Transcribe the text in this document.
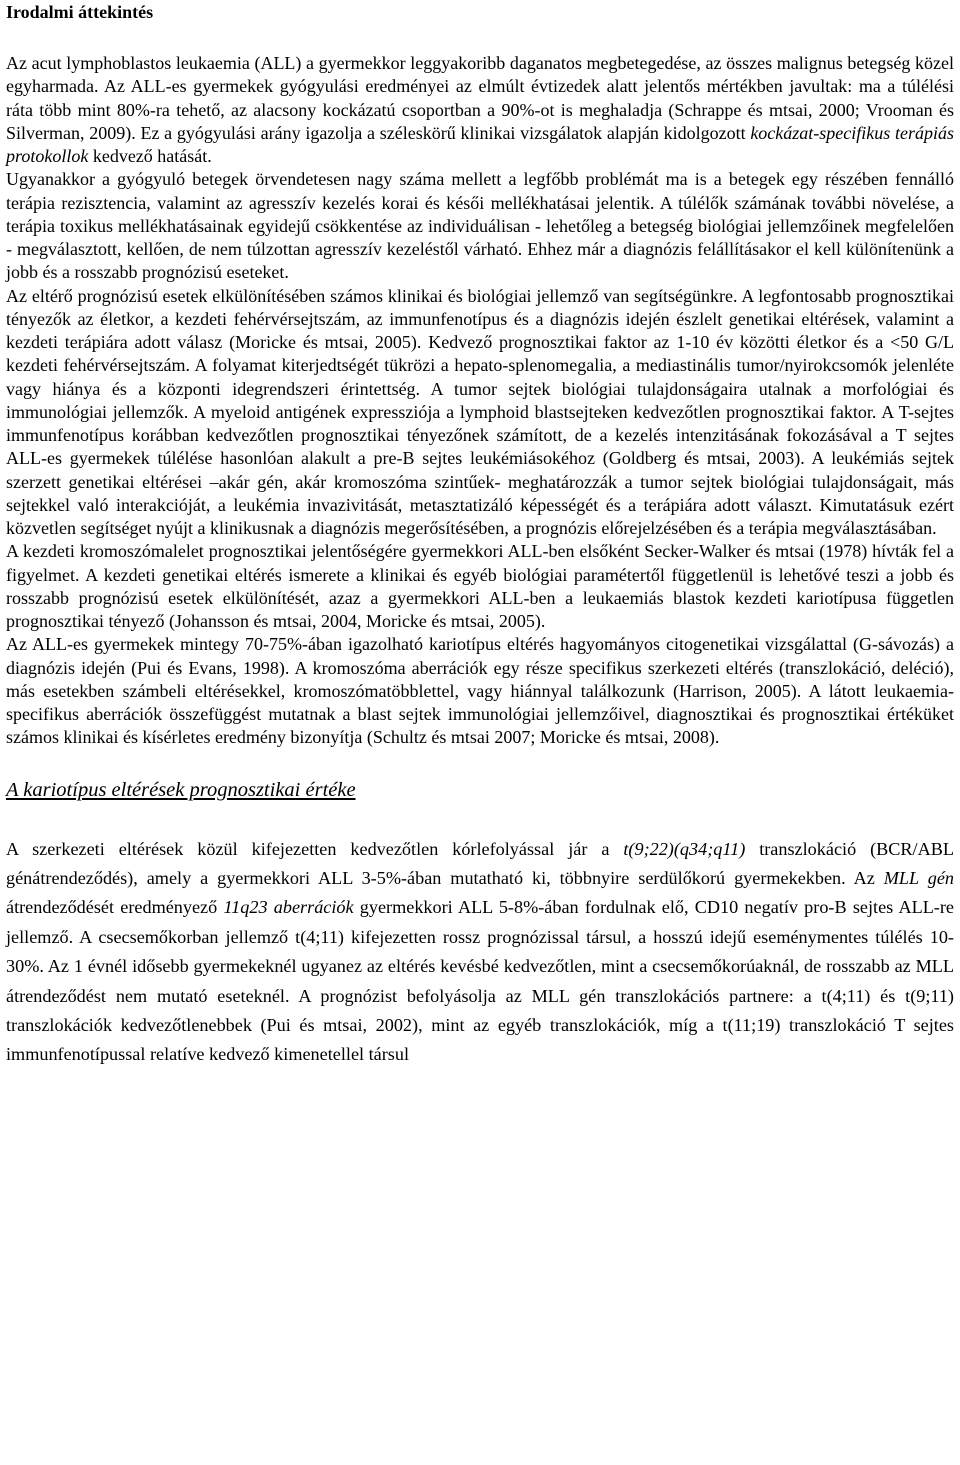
Irodalmi áttekintés

Az acut lymphoblastos leukaemia (ALL) a gyermekkor leggyakoribb daganatos megbetegedése, az összes malignus betegség közel egyharmada. Az ALL-es gyermekek gyógyulási eredményei az elmúlt évtizedek alatt jelentős mértékben javultak: ma a túlélési ráta több mint 80%-ra tehető, az alacsony kockázatú csoportban a 90%-ot is meghaladja (Schrappe és mtsai, 2000; Vrooman és Silverman, 2009). Ez a gyógyulási arány igazolja a széleskörű klinikai vizsgálatok alapján kidolgozott kockázat-specifikus terápiás protokollok kedvező hatását.

Ugyanakkor a gyógyuló betegek örvendetesen nagy száma mellett a legfőbb problémát ma is a betegek egy részében fennálló terápia rezisztencia, valamint az agresszív kezelés korai és késői mellékhatásai jelentik. A túlélők számának további növelése, a terápia toxikus mellékhatásainak egyidejű csökkentése az individuálisan - lehetőleg a betegség biológiai jellemzőinek megfelelően - megválasztott, kellően, de nem túlzottan agresszív kezeléstől várható. Ehhez már a diagnózis felállításakor el kell különítenünk a jobb és a rosszabb prognózisú eseteket.

Az eltérő prognózisú esetek elkülönítésében számos klinikai és biológiai jellemző van segítségünkre. A legfontosabb prognosztikai tényezők az életkor, a kezdeti fehérvérsejtszám, az immunfenotípus és a diagnózis idején észlelt genetikai eltérések, valamint a kezdeti terápiára adott válasz (Moricke és mtsai, 2005). Kedvező prognosztikai faktor az 1-10 év közötti életkor és a <50 G/L kezdeti fehérvérsejtszám. A folyamat kiterjedtségét tükrözi a hepato-splenomegalia, a mediastinális tumor/nyirokcsomók jelenléte vagy hiánya és a központi idegrendszeri érintettség. A tumor sejtek biológiai tulajdonságaira utalnak a morfológiai és immunológiai jellemzők. A myeloid antigének expressziója a lymphoid blastsejteken kedvezőtlen prognosztikai faktor. A T-sejtes immunfenotípus korábban kedvezőtlen prognosztikai tényezőnek számított, de a kezelés intenzitásának fokozásával a T sejtes ALL-es gyermekek túlélése hasonlóan alakult a pre-B sejtes leukémiásokéhoz (Goldberg és mtsai, 2003). A leukémiás sejtek szerzett genetikai eltérései –akár gén, akár kromoszóma szintűek- meghatározzák a tumor sejtek biológiai tulajdonságait, más sejtekkel való interakcióját, a leukémia invazivitását, metasztatizáló képességét és a terápiára adott választ. Kimutatásuk ezért közvetlen segítséget nyújt a klinikusnak a diagnózis megerősítésében, a prognózis előrejelzésében és a terápia megválasztásában.

A kezdeti kromoszómalelet prognosztikai jelentőségére gyermekkori ALL-ben elsőként Secker-Walker és mtsai (1978) hívták fel a figyelmet. A kezdeti genetikai eltérés ismerete a klinikai és egyéb biológiai paramétertől függetlenül is lehetővé teszi a jobb és rosszabb prognózisú esetek elkülönítését, azaz a gyermekkori ALL-ben a leukaemiás blastok kezdeti kariotípusa független prognosztikai tényező (Johansson és mtsai, 2004, Moricke és mtsai, 2005).

Az ALL-es gyermekek mintegy 70-75%-ában igazolható kariotípus eltérés hagyományos citogenetikai vizsgálattal (G-sávozás) a diagnózis idején (Pui és Evans, 1998). A kromoszóma aberrációk egy része specifikus szerkezeti eltérés (transzlokáció, deléció), más esetekben számbeli eltérésekkel, kromoszómatöbblettel, vagy hiánnyal találkozunk (Harrison, 2005). A látott leukaemia-specifikus aberrációk összefüggést mutatnak a blast sejtek immunológiai jellemzőivel, diagnosztikai és prognosztikai értéküket számos klinikai és kísérletes eredmény bizonyítja (Schultz és mtsai 2007; Moricke és mtsai, 2008).

A kariotípus eltérések prognosztikai értéke

A szerkezeti eltérések közül kifejezetten kedvezőtlen kórlefolyással jár a t(9;22)(q34;q11) transzlokáció (BCR/ABL génátrendeződés), amely a gyermekkori ALL 3-5%-ában mutatható ki, többnyire serdülőkorú gyermekekben. Az MLL gén átrendeződését eredményező 11q23 aberrációk gyermekkori ALL 5-8%-ában fordulnak elő, CD10 negatív pro-B sejtes ALL-re jellemző. A csecsemőkorban jellemző t(4;11) kifejezetten rossz prognózissal társul, a hosszú idejű eseménymentes túlélés 10-30%. Az 1 évnél idősebb gyermekeknél ugyanez az eltérés kevésbé kedvezőtlen, mint a csecsemőkorúaknál, de rosszabb az MLL átrendeződést nem mutató eseteknél. A prognózist befolyásolja az MLL gén transzlokációs partnere: a t(4;11) és t(9;11) transzlokációk kedvezőtlenebbek (Pui és mtsai, 2002), mint az egyéb transzlokációk, míg a t(11;19) transzlokáció T sejtes immunfenotípussal relatíve kedvező kimenetellel társul
